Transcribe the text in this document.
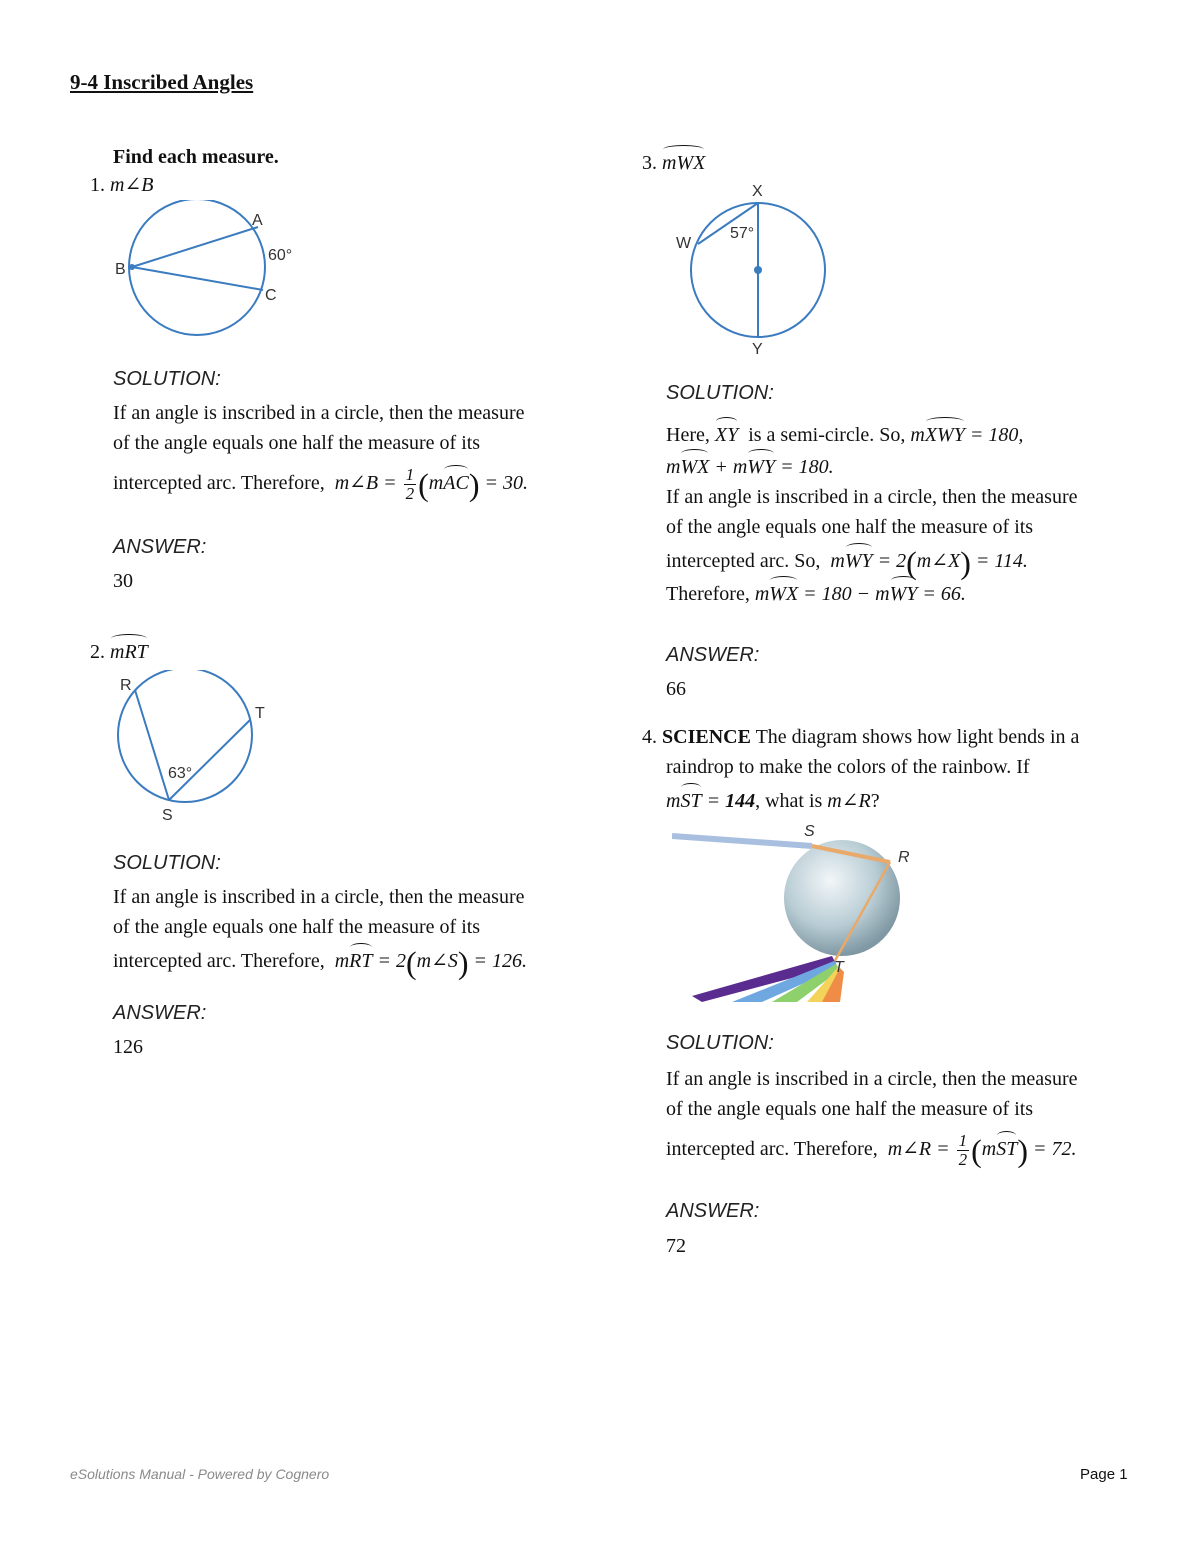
9-4 Inscribed Angles
Find each measure.
1. m∠B
A
B
C
60°
SOLUTION:
If an angle is inscribed in a circle, then the measure
of the angle equals one half the measure of its
intercepted arc. Therefore,  m∠B = $\frac{1}{2} (mAC) = 30$.
ANSWER:
30
2. mRT
R
T
S
63°
SOLUTION:
If an angle is inscribed in a circle, then the measure
of the angle equals one half the measure of its
intercepted arc. Therefore,  mRT = 2(m∠S) = 126.
ANSWER:
126
3. mWX
X
W
Y
57°
SOLUTION:
Here, XY  is a semi-circle. So, mXWY = 180,
mWX + mWY = 180.
If an angle is inscribed in a circle, then the measure
of the angle equals one half the measure of its
intercepted arc. So,  mWY = 2(m∠X) = 114.
Therefore, mWX = 180 − mWY = 66.
ANSWER:
66
4. SCIENCE The diagram shows how light bends in a
raindrop to make the colors of the rainbow. If
mST = 144, what is m∠R?
S
R
T
SOLUTION:
If an angle is inscribed in a circle, then the measure
of the angle equals one half the measure of its
intercepted arc. Therefore,  m∠R = $\frac{1}{2} (mST) = 72$.
ANSWER:
72
eSolutions Manual - Powered by Cognero	Page 1
